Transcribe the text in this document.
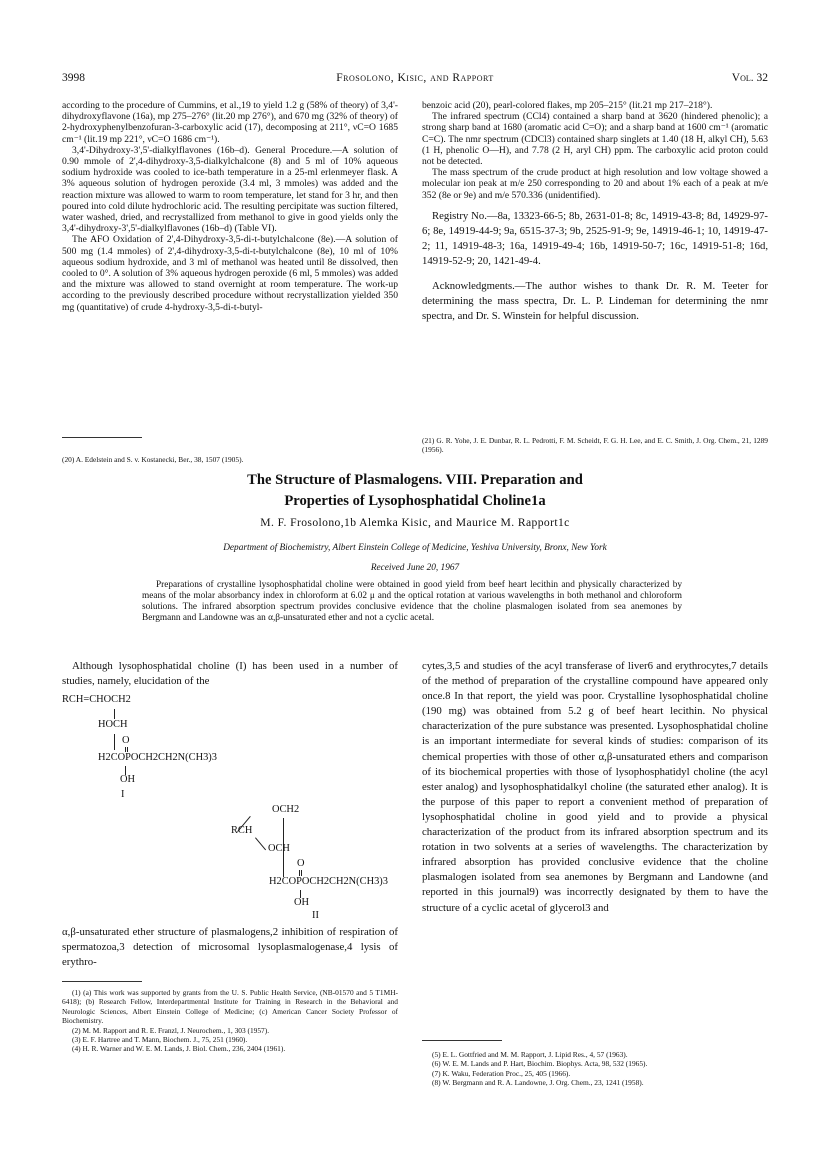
3998	Frosolono, Kisic, and Rapport	Vol. 32

according to the procedure of Cummins, et al.,19 to yield 1.2 g (58% of theory) of 3,4'-dihydroxyflavone (16a), mp 275–276° (lit.20 mp 276°), and 670 mg (32% of theory) of 2-hydroxyphenylbenzofuran-3-carboxylic acid (17), decomposing at 211°, νC=O 1685 cm⁻¹ (lit.19 mp 221°, νC=O 1686 cm⁻¹).

3,4'-Dihydroxy-3',5'-dialkylflavones (16b–d). General Procedure.—A solution of 0.90 mmole of 2',4-dihydroxy-3,5-dialkylchalcone (8) and 5 ml of 10% aqueous sodium hydroxide was cooled to ice-bath temperature in a 25-ml erlenmeyer flask. A 3% aqueous solution of hydrogen peroxide (3.4 ml, 3 mmoles) was added and the reaction mixture was allowed to warm to room temperature, let stand for 3 hr, and then poured into cold dilute hydrochloric acid. The resulting percipitate was suction filtered, water washed, dried, and recrystallized from methanol to give in good yields only the 3,4'-dihydroxy-3',5'-dialkylflavones (16b–d) (Table VI).

The AFO Oxidation of 2',4-Dihydroxy-3,5-di-t-butylchalcone (8e).—A solution of 500 mg (1.4 mmoles) of 2',4-dihydroxy-3,5-di-t-butylchalcone (8e), 10 ml of 10% aqueous sodium hydroxide, and 3 ml of methanol was heated until 8e dissolved, then cooled to 0°. A solution of 3% aqueous hydrogen peroxide (6 ml, 5 mmoles) was added and the mixture was allowed to stand overnight at room temperature. The work-up according to the previously described procedure without recrystallization yielded 350 mg (quantitative) of crude 4-hydroxy-3,5-di-t-butyl-

benzoic acid (20), pearl-colored flakes, mp 205–215° (lit.21 mp 217–218°).

The infrared spectrum (CCl4) contained a sharp band at 3620 (hindered phenolic); a strong sharp band at 1680 (aromatic acid C=O); and a sharp band at 1600 cm⁻¹ (aromatic C=C). The nmr spectrum (CDCl3) contained sharp singlets at 1.40 (18 H, alkyl CH), 5.63 (1 H, phenolic O—H), and 7.78 (2 H, aryl CH) ppm. The carboxylic acid proton could not be detected.

The mass spectrum of the crude product at high resolution and low voltage showed a molecular ion peak at m/e 250 corresponding to 20 and about 1% each of a peak at m/e 352 (8e or 9e) and m/e 570.336 (unidentified).

Registry No.—8a, 13323-66-5; 8b, 2631-01-8; 8c, 14919-43-8; 8d, 14929-97-6; 8e, 14919-44-9; 9a, 6515-37-3; 9b, 2525-91-9; 9e, 14919-46-1; 10, 14919-47-2; 11, 14919-48-3; 16a, 14919-49-4; 16b, 14919-50-7; 16c, 14919-51-8; 16d, 14919-52-9; 20, 1421-49-4.

Acknowledgments.—The author wishes to thank Dr. R. M. Teeter for determining the mass spectra, Dr. L. P. Lindeman for determining the nmr spectra, and Dr. S. Winstein for helpful discussion.

(20) A. Edelstein and S. v. Kostanecki, Ber., 38, 1507 (1905).

(21) G. R. Yohe, J. E. Dunbar, R. L. Pedrotti, F. M. Scheidt, F. G. H. Lee, and E. C. Smith, J. Org. Chem., 21, 1289 (1956).

The Structure of Plasmalogens. VIII. Preparation and
Properties of Lysophosphatidal Choline1a
M. F. Frosolono,1b Alemka Kisic, and Maurice M. Rapport1c
Department of Biochemistry, Albert Einstein College of Medicine, Yeshiva University, Bronx, New York
Received June 20, 1967
Preparations of crystalline lysophosphatidal choline were obtained in good yield from beef heart lecithin and physically characterized by means of the molar absorbancy index in chloroform at 6.02 μ and the optical rotation at various wavelengths in both methanol and chloroform solutions. The infrared absorption spectrum provides conclusive evidence that the choline plasmalogen isolated from sea anemones by Bergmann and Landowne was an α,β-unsaturated ether and not a cyclic acetal.
Although lysophosphatidal choline (I) has been used in a number of studies, namely, elucidation of the
RCH=CHOCH2
HOCH
O
H2COPOCH2CH2N(CH3)3
OH
I
OCH2
RCH
OCH
O
H2COPOCH2CH2N(CH3)3
OH
II
α,β-unsaturated ether structure of plasmalogens,2 inhibition of respiration of spermatozoa,3 detection of microsomal lysoplasmalogenase,4 lysis of erythro-
cytes,3,5 and studies of the acyl transferase of liver6 and erythrocytes,7 details of the method of preparation of the crystalline compound have appeared only once.8 In that report, the yield was poor. Crystalline lysophosphatidal choline (190 mg) was obtained from 5.2 g of beef heart lecithin. No physical characterization of the pure substance was presented. Lysophosphatidal choline is an important intermediate for several kinds of studies: comparison of its chemical properties with those of other α,β-unsaturated ethers and comparison of its biochemical properties with those of lysophosphatidyl choline (the acyl ester analog) and lysophosphatidalkyl choline (the saturated ether analog). It is the purpose of this paper to report a convenient method of preparation of lysophosphatidal choline in good yield and to provide a physical characterization of the product from its infrared absorption spectrum and its rotation in two solvents at a series of wavelengths. The characterization by infrared absorption has provided conclusive evidence that the choline plasmalogen isolated from sea anemones by Bergmann and Landowne (and reported in this journal9) was incorrectly designated by them to have the structure of a cyclic acetal of glycerol3 and

(1) (a) This work was supported by grants from the U. S. Public Health Service, (NB-01570 and 5 T1MH-6418); (b) Research Fellow, Interdepartmental Institute for Training in Research in the Behavioral and Neurologic Sciences, Albert Einstein College of Medicine; (c) American Cancer Society Professor of Biochemistry.

(2) M. M. Rapport and R. E. Franzl, J. Neurochem., 1, 303 (1957).

(3) E. F. Hartree and T. Mann, Biochem. J., 75, 251 (1960).

(4) H. R. Warner and W. E. M. Lands, J. Biol. Chem., 236, 2404 (1961).

(5) E. L. Gottfried and M. M. Rapport, J. Lipid Res., 4, 57 (1963).

(6) W. E. M. Lands and P. Hart, Biochim. Biophys. Acta, 98, 532 (1965).

(7) K. Waku, Federation Proc., 25, 405 (1966).

(8) W. Bergmann and R. A. Landowne, J. Org. Chem., 23, 1241 (1958).
